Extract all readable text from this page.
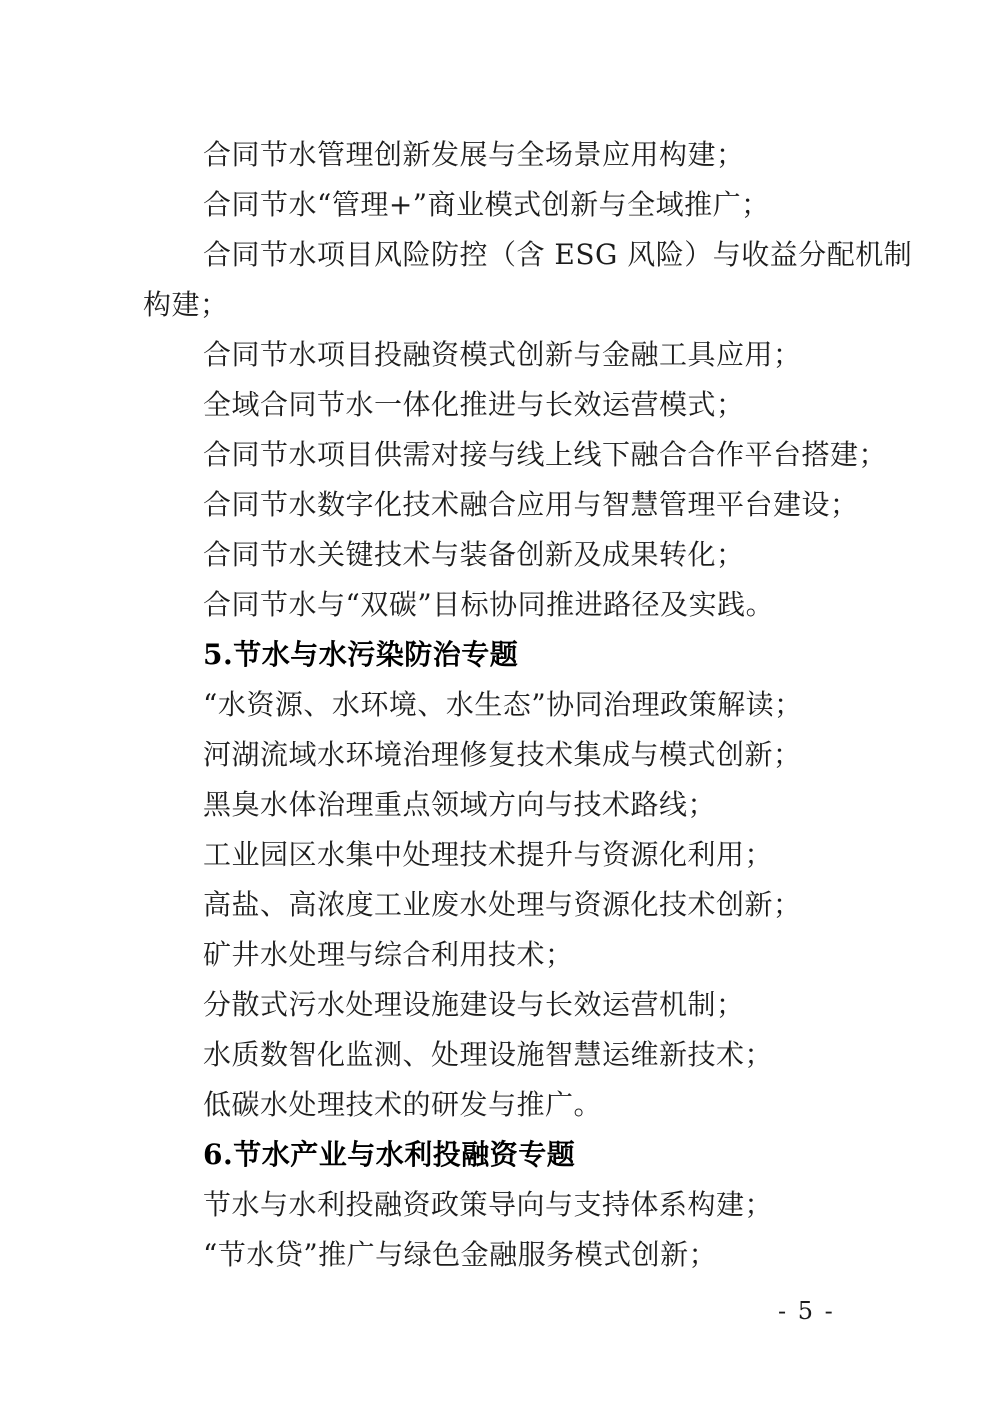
合同节水管理创新发展与全场景应用构建；
合同节水“管理+”商业模式创新与全域推广；
合同节水项目风险防控（含 ESG 风险）与收益分配机制
构建；
合同节水项目投融资模式创新与金融工具应用；
全域合同节水一体化推进与长效运营模式；
合同节水项目供需对接与线上线下融合合作平台搭建；
合同节水数字化技术融合应用与智慧管理平台建设；
合同节水关键技术与装备创新及成果转化；
合同节水与“双碳”目标协同推进路径及实践。
5.节水与水污染防治专题
“水资源、水环境、水生态”协同治理政策解读；
河湖流域水环境治理修复技术集成与模式创新；
黑臭水体治理重点领域方向与技术路线；
工业园区水集中处理技术提升与资源化利用；
高盐、高浓度工业废水处理与资源化技术创新；
矿井水处理与综合利用技术；
分散式污水处理设施建设与长效运营机制；
水质数智化监测、处理设施智慧运维新技术；
低碳水处理技术的研发与推广。
6.节水产业与水利投融资专题
节水与水利投融资政策导向与支持体系构建；
“节水贷”推广与绿色金融服务模式创新；
- 5 -
